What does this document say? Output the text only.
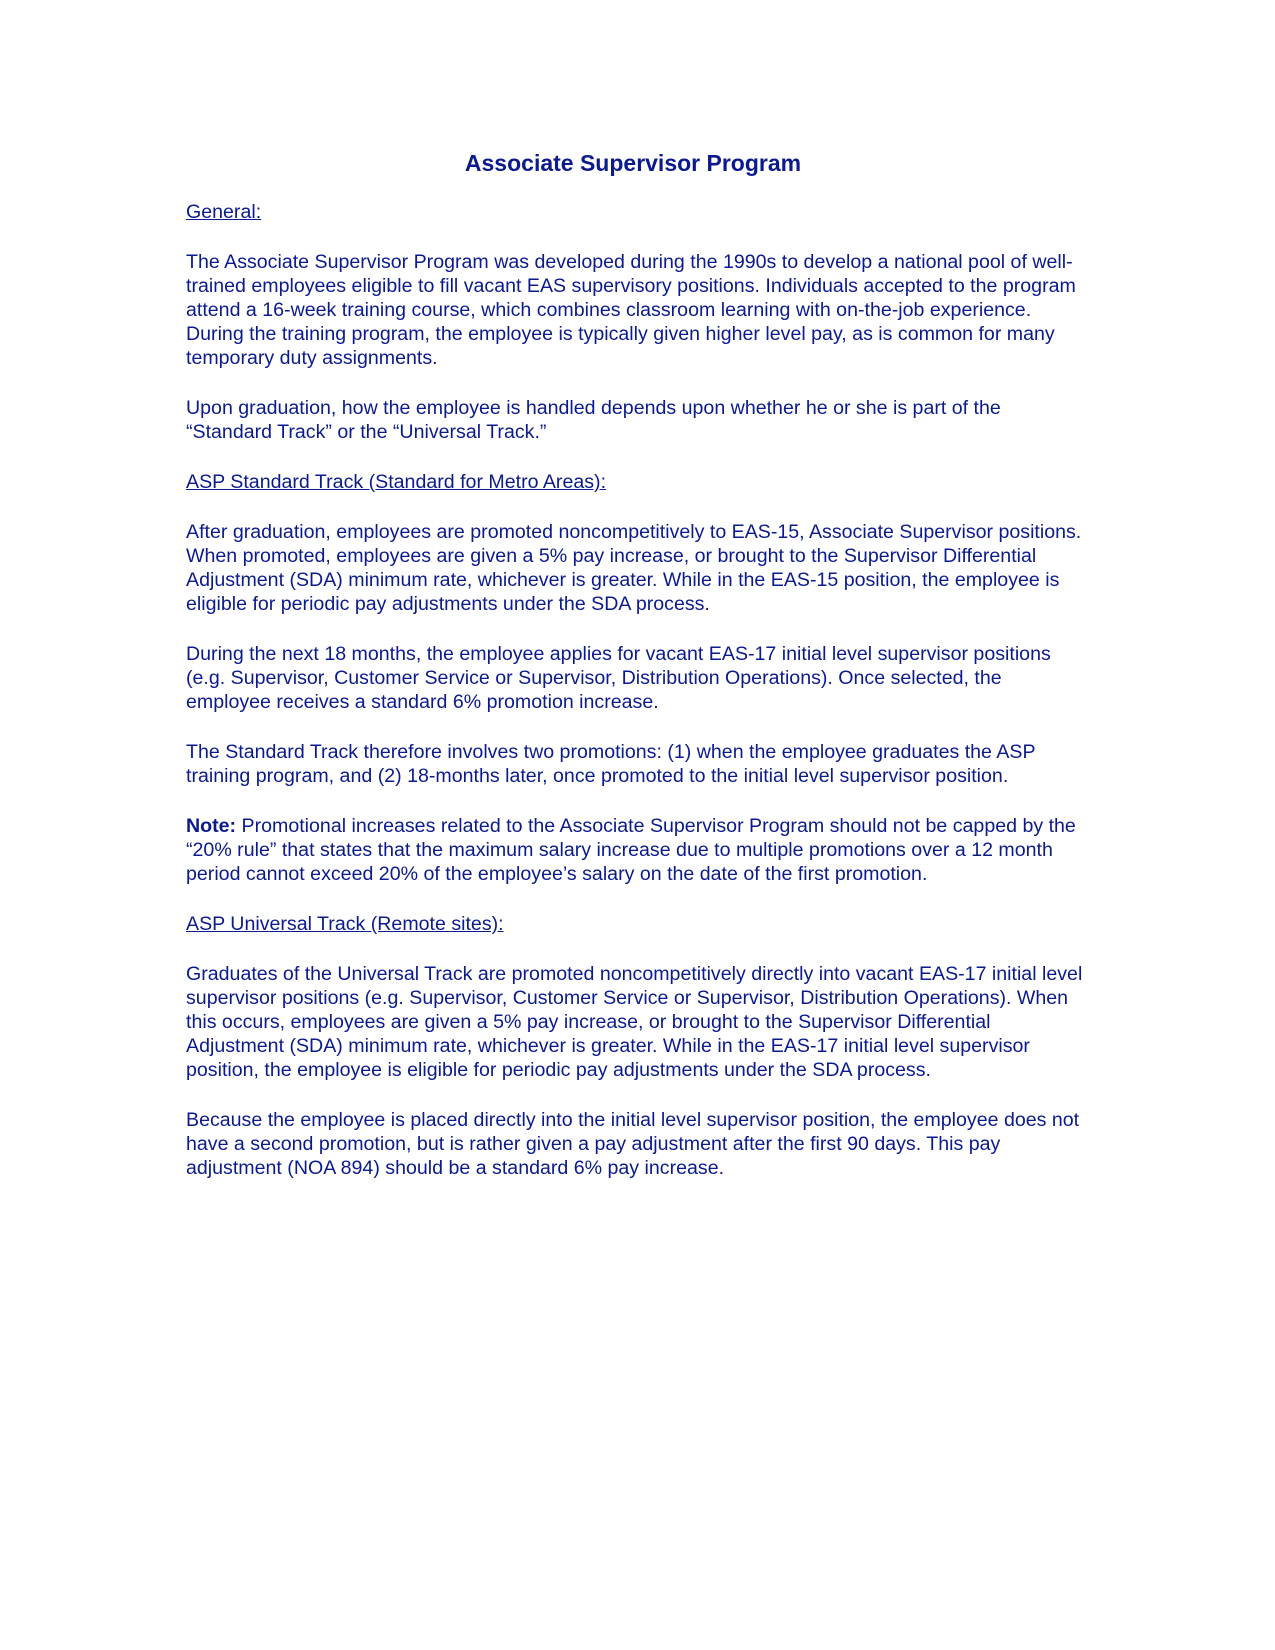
Associate Supervisor Program
General:

The Associate Supervisor Program was developed during the 1990s to develop a national pool of well-trained employees eligible to fill vacant EAS supervisory positions. Individuals accepted to the program attend a 16-week training course, which combines classroom learning with on-the-job experience. During the training program, the employee is typically given higher level pay, as is common for many temporary duty assignments.

Upon graduation, how the employee is handled depends upon whether he or she is part of the “Standard Track” or the “Universal Track.”

ASP Standard Track (Standard for Metro Areas):

After graduation, employees are promoted noncompetitively to EAS-15, Associate Supervisor positions. When promoted, employees are given a 5% pay increase, or brought to the Supervisor Differential Adjustment (SDA) minimum rate, whichever is greater. While in the EAS-15 position, the employee is eligible for periodic pay adjustments under the SDA process.

During the next 18 months, the employee applies for vacant EAS-17 initial level supervisor positions (e.g. Supervisor, Customer Service or Supervisor, Distribution Operations). Once selected, the employee receives a standard 6% promotion increase.

The Standard Track therefore involves two promotions: (1) when the employee graduates the ASP training program, and (2) 18-months later, once promoted to the initial level supervisor position.

Note: Promotional increases related to the Associate Supervisor Program should not be capped by the “20% rule” that states that the maximum salary increase due to multiple promotions over a 12 month period cannot exceed 20% of the employee’s salary on the date of the first promotion.

ASP Universal Track (Remote sites):

Graduates of the Universal Track are promoted noncompetitively directly into vacant EAS-17 initial level supervisor positions (e.g. Supervisor, Customer Service or Supervisor, Distribution Operations). When this occurs, employees are given a 5% pay increase, or brought to the Supervisor Differential Adjustment (SDA) minimum rate, whichever is greater. While in the EAS-17 initial level supervisor position, the employee is eligible for periodic pay adjustments under the SDA process.

Because the employee is placed directly into the initial level supervisor position, the employee does not have a second promotion, but is rather given a pay adjustment after the first 90 days. This pay adjustment (NOA 894) should be a standard 6% pay increase.
